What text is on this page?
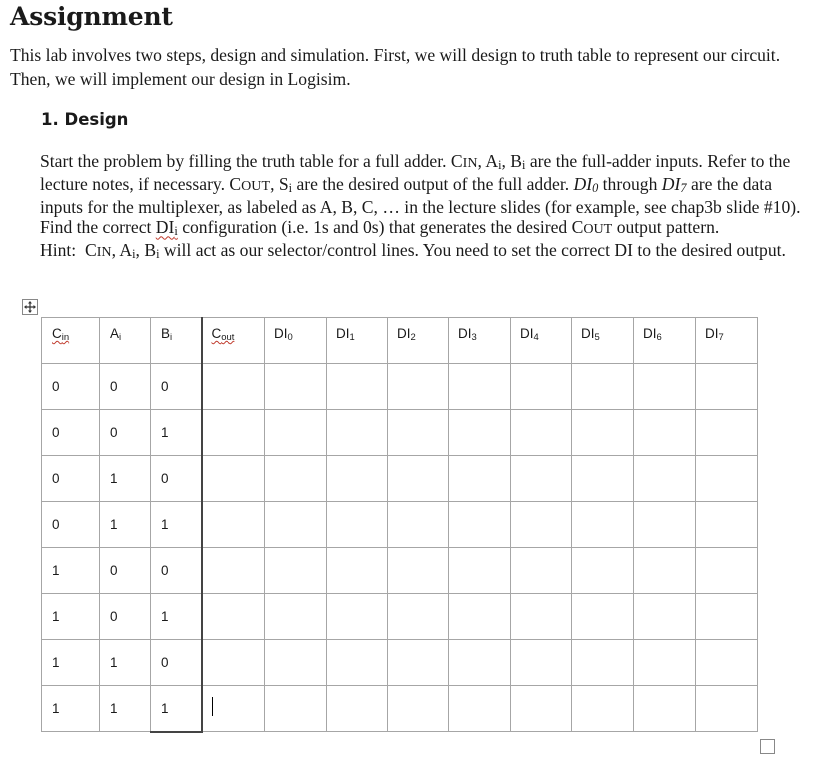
Assignment
This lab involves two steps, design and simulation. First, we will design to truth table to represent our circuit. Then, we will implement our design in Logisim.
1. Design

Start the problem by filling the truth table for a full adder. CIN, $A_i$, $B_i$ are the full-adder inputs. Refer to the lecture notes, if necessary. COUT, $S_i$ are the desired output of the full adder. $DI_0$ through $DI_7$ are the data inputs for the multiplexer, as labeled as A, B, C, … in the lecture slides (for example, see chap3b slide #10). Find the correct $DI_i$ configuration (i.e. 1s and 0s) that generates the desired COUT output pattern.

Hint: CIN, $A_i$, $B_i$ will act as our selector/control lines. You need to set the correct DI to the desired output.

$C_{in}$	$A_i$	$B_i$	$C_{out}$	$DI_0$	$DI_1$	$DI_2$	$DI_3$	$DI_4$	$DI_5$	$DI_6$	$DI_7$
0	0	0									
0	0	1									
0	1	0									
0	1	1									
1	0	0									
1	0	1									
1	1	0									
1	1	1									
